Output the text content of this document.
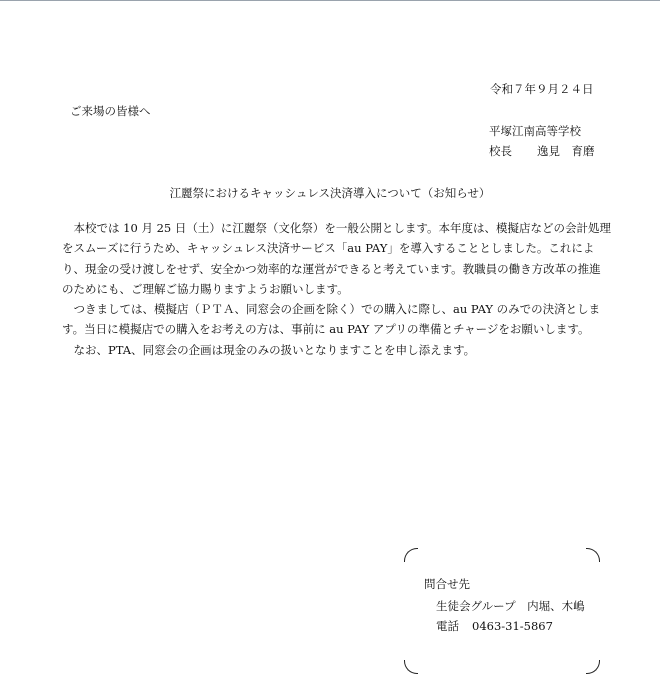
令和７年９月２４日
ご来場の皆様へ
平塚江南高等学校
校長 逸見　育磨
江麗祭におけるキャッシュレス決済導入について（お知らせ）

　本校では 10 月 25 日（土）に江麗祭（文化祭）を一般公開とします。本年度は、模擬店などの会計処理

をスムーズに行うため、キャッシュレス決済サービス「au PAY」を導入することとしました。これによ

り、現金の受け渡しをせず、安全かつ効率的な運営ができると考えています。教職員の働き方改革の推進

のためにも、ご理解ご協力賜りますようお願いします。

　つきましては、模擬店（ＰＴＡ、同窓会の企画を除く）での購入に際し、au PAY のみでの決済としま

す。当日に模擬店での購入をお考えの方は、事前に au PAY アプリの準備とチャージをお願いします。

　なお、PTA、同窓会の企画は現金のみの扱いとなりますことを申し添えます。

問合せ先
生徒会グループ　内堀、木嶋
電話 0463-31-5867
